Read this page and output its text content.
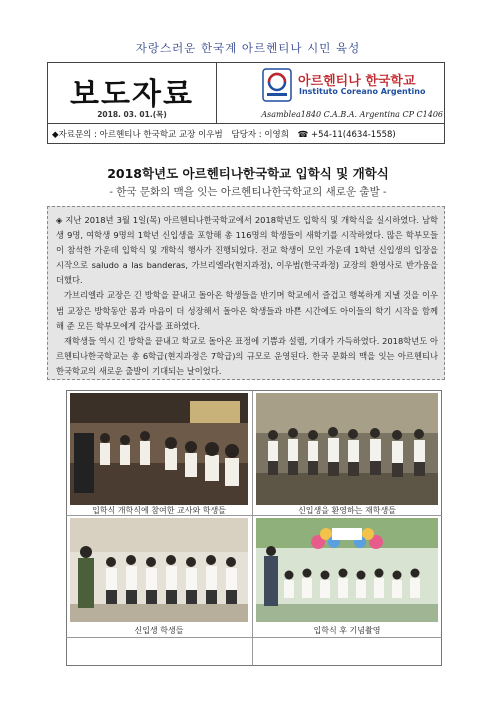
자랑스러운 한국계 아르헨티나 시민 육성
보도자료
2018. 03. 01.(목)
아르헨티나 한국학교
Instituto Coreano Argentino
Asamblea1840 C.A.B.A. Argentina CP C1406
◆자료문의 : 아르헨티나 한국학교 교장 이우범 담당자 : 이영희 ☎ +54-11(4634-1558)
2018학년도 아르헨티나한국학교 입학식 및 개학식
- 한국 문화의 맥을 잇는 아르헨티나한국학교의 새로운 출발 -

◈ 지난 2018년 3월 1일(목) 아르헨티나한국학교에서 2018학년도 입학식 및 개학식을 실시하였다. 남학생 9명, 여학생 9명의 1학년 신입생을 포함해 총 116명의 학생들이 새학기를 시작하였다. 많은 학부모들이 참석한 가운데 입학식 및 개학식 행사가 진행되었다. 전교 학생이 모인 가운데 1학년 신입생의 입장을 시작으로 saludo a las banderas, 가브리엘라(현지과정), 이우범(한국과정) 교장의 환영사로 반가움을 더했다.

가브리엘라 교장은 긴 방학을 끝내고 돌아온 학생들을 반기며 학교에서 즐겁고 행복하게 지낼 것을 이우범 교장은 방학동안 몸과 마음이 더 성장해서 돌아온 학생들과 바쁜 시간에도 아이들의 학기 시작을 함께 해 준 모든 학부모에게 감사를 표하였다.

재학생들 역시 긴 방학을 끝내고 학교로 돌아온 표정에 기쁨과 설렘, 기대가 가득하였다. 2018학년도 아르헨티나한국학교는 총 6학급(현지과정은 7학급)의 규모로 운영된다. 한국 문화의 맥을 잇는 아르헨티나한국학교의 새로운 출발이 기대되는 날이었다.

입학식 개학식에 참여한 교사와 학생들	신입생을 환영하는 재학생들
신입생 학생들	입학식 후 기념촬영
